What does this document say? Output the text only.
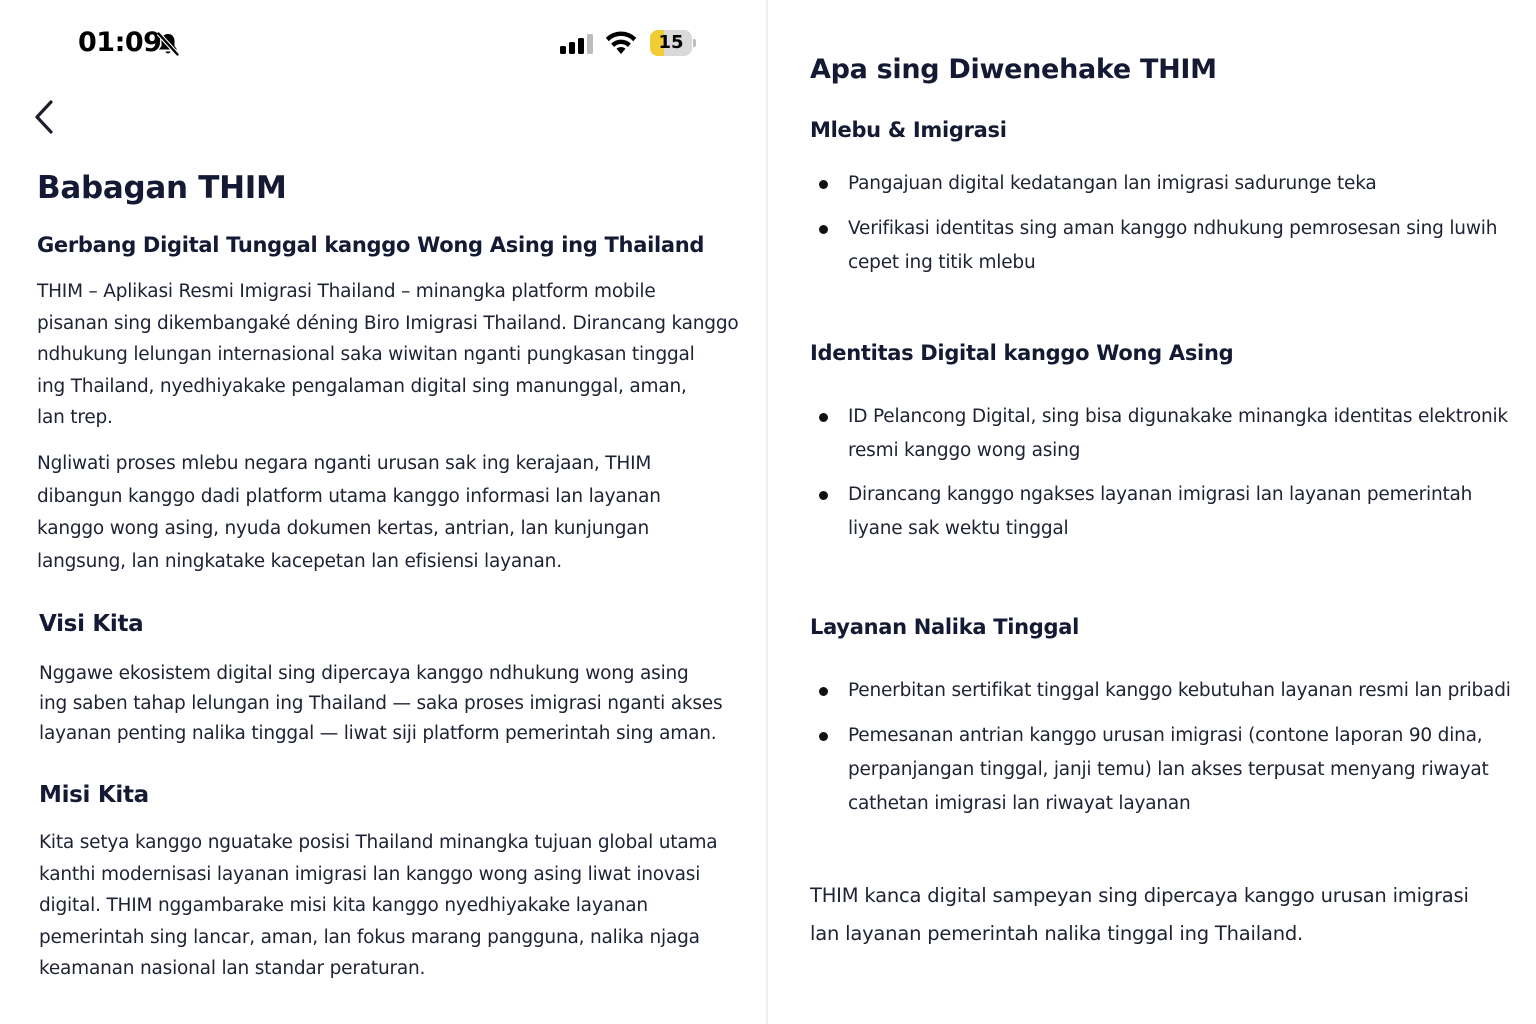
01:09	15
Babagan THIM
Gerbang Digital Tunggal kanggo Wong Asing ing Thailand
THIM – Aplikasi Resmi Imigrasi Thailand – minangka platform mobile
pisanan sing dikembangaké déning Biro Imigrasi Thailand. Dirancang kanggo
ndhukung lelungan internasional saka wiwitan nganti pungkasan tinggal
ing Thailand, nyedhiyakake pengalaman digital sing manunggal, aman,
lan trep.
Ngliwati proses mlebu negara nganti urusan sak ing kerajaan, THIM
dibangun kanggo dadi platform utama kanggo informasi lan layanan
kanggo wong asing, nyuda dokumen kertas, antrian, lan kunjungan
langsung, lan ningkatake kacepetan lan efisiensi layanan.
Visi Kita
Nggawe ekosistem digital sing dipercaya kanggo ndhukung wong asing
ing saben tahap lelungan ing Thailand — saka proses imigrasi nganti akses
layanan penting nalika tinggal — liwat siji platform pemerintah sing aman.
Misi Kita
Kita setya kanggo nguatake posisi Thailand minangka tujuan global utama
kanthi modernisasi layanan imigrasi lan kanggo wong asing liwat inovasi
digital. THIM nggambarake misi kita kanggo nyedhiyakake layanan
pemerintah sing lancar, aman, lan fokus marang pangguna, nalika njaga
keamanan nasional lan standar peraturan.
Apa sing Diwenehake THIM
Mlebu & Imigrasi
Pangajuan digital kedatangan lan imigrasi sadurunge teka
Verifikasi identitas sing aman kanggo ndhukung pemrosesan sing luwih
cepet ing titik mlebu
Identitas Digital kanggo Wong Asing
ID Pelancong Digital, sing bisa digunakake minangka identitas elektronik
resmi kanggo wong asing
Dirancang kanggo ngakses layanan imigrasi lan layanan pemerintah
liyane sak wektu tinggal
Layanan Nalika Tinggal
Penerbitan sertifikat tinggal kanggo kebutuhan layanan resmi lan pribadi
Pemesanan antrian kanggo urusan imigrasi (contone laporan 90 dina,
perpanjangan tinggal, janji temu) lan akses terpusat menyang riwayat
cathetan imigrasi lan riwayat layanan
THIM kanca digital sampeyan sing dipercaya kanggo urusan imigrasi
lan layanan pemerintah nalika tinggal ing Thailand.
